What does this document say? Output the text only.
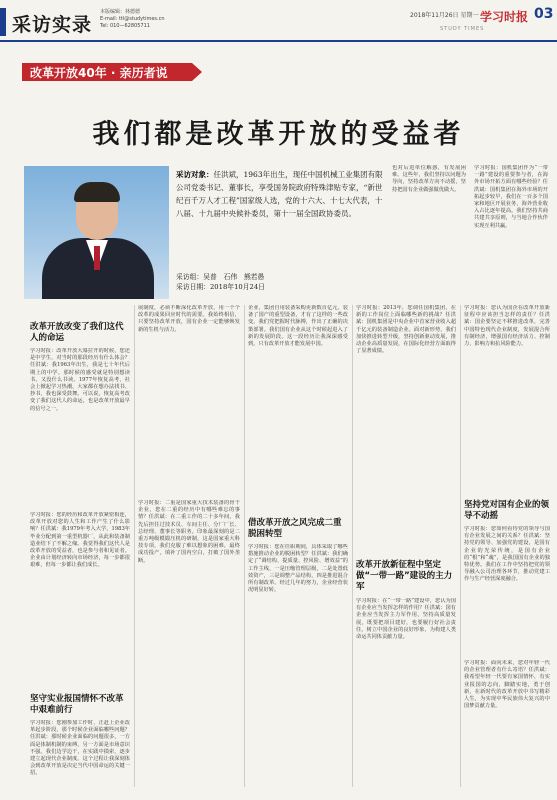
采访实录
本版编辑：林德德
E-mail: ttl@studytimes.cn
Tel: 010—62805711
2018年11月26日 星期一 学习时报 03
STUDY TIMES
改革开放40年 · 亲历者说
我们都是改革开放的受益者
采访对象：任洪斌，1963年出生，现任中国机械工业集团有限公司党委书记、董事长，享受国务院政府特殊津贴专家，“新世纪百千万人才工程”国家级人选，党的十六大、十七大代表，十八届、十九届中央候补委员，第十一届全国政协委员。
采访组：吴普　石伟　熊若愚
采访日期：2018年10月24日
也对后进单位解惑，有发展困难。这些年，我们坚持以问题为导向，坚持改革方向不动摇，坚持把国有企业做强做优做大。
学习时报：国机集团作为“一带一路”建设的重要参与者，在海外市场开拓方面有哪些经验？任洪斌：国机集团在海外市场的开拓起步较早，我们在一百多个国家和地区开展业务，海外营业收入占比逐年提高。我们坚持共商共建共享原则，与当地合作伙伴实现互利共赢。
改革开放改变了我们这代人的命运
学习时报：改革开放大幕拉开的时候，您还是中学生，对当时的那段经历有什么体会？任洪斌：我1963年出生，我是七十年代后期上的中学。那时候的感受就是特别想读书，又没什么书读。1977年恢复高考，社会上掀起学习热潮，大家都在想办法找书、抄书，我也深受鼓舞。可以说，恢复高考改变了我们这代人的命运，也是改革开放最早的信号之一。
学习时报：您的经历和改革开放紧密相连，改革开放对您的人生和工作产生了什么影响？任洪斌：我1979年考入大学，1983年毕业分配到第一重型机器厂，从此和装备制造业结下了不解之缘。我觉得我们这代人是改革开放的受益者，也是参与者和见证者。企业由计划经济转向市场经济，每一步都很艰难，但每一步都让我们成长。
坚守实业报国情怀不改革中艰难前行
学习时报：您刚参加工作时，正赶上企业改革起步阶段，那个时候企业面临哪些问题？任洪斌：那时候企业面临的问题很多，一方面是体制机制的束缚，另一方面是市场意识不强。我们边学边干，在实践中摸索，逐步建立起现代企业制度。这个过程让我深刻体会到改革开放是决定当代中国命运的关键一招。
展制度，必须不断深化改革开放，用一个个改革的成果回应时代的需要。我始终相信，只要坚持改革开放，国有企业一定能够焕发新的生机与活力。
学习时报：二重是国家重大技术装备的骨干企业，您在二重的经历中有哪些难忘的事情？任洪斌：在二重工作的二十多年间，我先后担任过技术员、车间主任、分厂厂长、总经理、董事长等职务。印象最深刻的是二重万吨级模锻压机的研制，这是国家重大科技专项，我们克服了难以想象的困难，最终成功投产，填补了国内空白，打破了国外垄断。
企业，集团自用装备采购更新数百亿元，装备了国产的重型设备，才有了这样的一些改变。我们党把握时代脉搏，作出了正确的决策部署。我们国有企业从这个时候起进入了新的发展阶段。这一段经历让我深深感受到，只有改革开放才能发展中国。
借改革开放之风完成二重脱困转型
学习时报：您在任职期间，具体采取了哪些措施推动企业的脱困转型？任洪斌：我们确定了“调结构、提质量、控风险、增效益”的工作主线，一是压缩管理层级，二是处置低效资产，三是调整产品结构，四是推进混合所有制改革。经过几年的努力，企业经营状况明显好转。
学习时报：2013年，您调任国机集团，在新的工作岗位上面临哪些新的挑战？任洪斌：国机集团是中央企业中首家营业收入超千亿元的装备制造企业。面对新形势，我们加快推进转型升级，坚持创新驱动发展，推动企业高质量发展，在国际化经营方面取得了显著成绩。
改革开放新征程中坚定做“一带一路”建设的主力军
学习时报：在“一带一路”建设中，您认为国有企业应当发挥怎样的作用？任洪斌：国有企业应当发挥主力军作用，坚持高质量发展，既要把项目建好，也要履行好社会责任，树立中国企业的良好形象，为构建人类命运共同体贡献力量。
学习时报：您认为国企在改革开放新征程中应该担当怎样的责任？任洪斌：国企要坚定不移推进改革，完善中国特色现代企业制度，发展混合所有制经济，增强国有经济活力、控制力、影响力和抗风险能力。
坚持党对国有企业的领导不动摇
学习时报：您如何看待党的领导与国有企业发展之间的关系？任洪斌：坚持党的领导、加强党的建设，是国有企业的光荣传统，是国有企业的“根”和“魂”，是我国国有企业的独特优势。我们在工作中坚持把党的领导融入公司治理各环节，推动党建工作与生产经营深度融合。
学习时报：面向未来，您对年轻一代的企业管理者有什么寄语？任洪斌：我希望年轻一代要有家国情怀，有实业报国的志向，脚踏实地，勇于创新，在新时代的改革开放中书写精彩人生，为实现中华民族伟大复兴的中国梦贡献力量。
